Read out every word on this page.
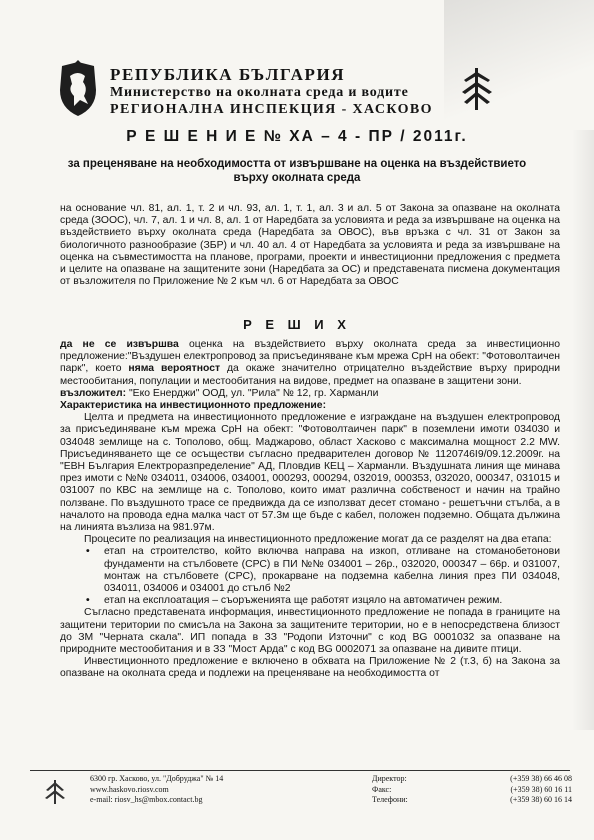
РЕПУБЛИКА БЪЛГАРИЯ
Министерство на околната среда и водите
РЕГИОНАЛНА ИНСПЕКЦИЯ - ХАСКОВО
Р Е Ш Е Н И Е № ХА – 4 - ПР / 2011г.
за преценяване на необходимостта от извършване на оценка на въздействието върху околната среда
на основание чл. 81, ал. 1, т. 2 и чл. 93, ал. 1, т. 1, ал. 3 и ал. 5 от Закона за опазване на околната среда (ЗООС), чл. 7, ал. 1 и чл. 8, ал. 1 от Наредбата за условията и реда за извършване на оценка на въздействието върху околната среда (Наредбата за ОВОС), във връзка с чл. 31 от Закон за биологичното разнообразие (ЗБР) и чл. 40 ал. 4 от Наредбата за условията и реда за извършване на оценка на съвместимостта на планове, програми, проекти и инвестиционни предложения с предмета и целите на опазване на защитените зони (Наредбата за ОС) и представената писмена документация от възложителя по Приложение № 2 към чл. 6 от Наредбата за ОВОС
Р Е Ш И Х
да не се извършва оценка на въздействието върху околната среда за инвестиционно предложение:"Въздушен електропровод за присъединяване към мрежа СрН на обект: "Фотоволтаичен парк", което няма вероятност да окаже значително отрицателно въздействие върху природни местообитания, популации и местообитания на видове, предмет на опазване в защитени зони.
възложител: "Еко Енерджи" ООД, ул. "Рила" № 12, гр. Харманли
Характеристика на инвестиционното предложение:
Целта и предмета на инвестиционното предложение е изграждане на въздушен електропровод за присъединяване към мрежа СрН на обект: "Фотоволтаичен парк" в поземлени имоти 034030 и 034048 землище на с. Тополово, общ. Маджарово, област Хасково с максимална мощност 2.2 MW. Присъединяването ще се осъществи съгласно предварителен договор № 1120746I9/09.12.2009г. на "ЕВН България Електроразпределение" АД, Пловдив КЕЦ – Харманли. Въздушната линия ще минава през имоти с №№ 034011, 034006, 034001, 000293, 000294, 032019, 000353, 032020, 000347, 031015 и 031007 по КВС на землище на с. Тополово, които имат различна собственост и начин на трайно ползване. По въздушното трасе се предвижда да се използват десет стомано - решетъчни стълба, а в началото на провода една малка част от 57.3м ще бъде с кабел, положен подземно. Общата дължина на линията възлиза на 981.97м.
Процесите по реализация на инвестиционното предложение могат да се разделят на два етапа:
• етап на строителство, който включва направа на изкоп, отливане на стоманобетонови фундаменти на стълбовете (СРС) в ПИ №№ 034001 – 26р., 032020, 000347 – 66р. и 031007, монтаж на стълбовете (СРС), прокарване на подземна кабелна линия през ПИ 034048, 034011, 034006 и 034001 до стълб №2
• етап на експлоатация – съоръженията ще работят изцяло на автоматичен режим.
Съгласно представената информация, инвестиционното предложение не попада в границите на защитени територии по смисъла на Закона за защитените територии, но е в непосредствена близост до ЗМ "Черната скала". ИП попада в ЗЗ "Родопи Източни" с код BG 0001032 за опазване на природните местообитания и в ЗЗ "Мост Арда" с код BG 0002071 за опазване на дивите птици.
Инвестиционното предложение е включено в обхвата на Приложение № 2 (т.3, б) на Закона за опазване на околната среда и подлежи на преценяване на необходимостта от
6300 гр. Хасково, ул. "Добруджа" № 14
www.haskovo.riosv.com
e-mail: riosv_hs@mbox.contact.bg
Директор:	(+359 38) 66 46 08
Факс:	(+359 38) 60 16 11
Телефони:	(+359 38) 60 16 14
